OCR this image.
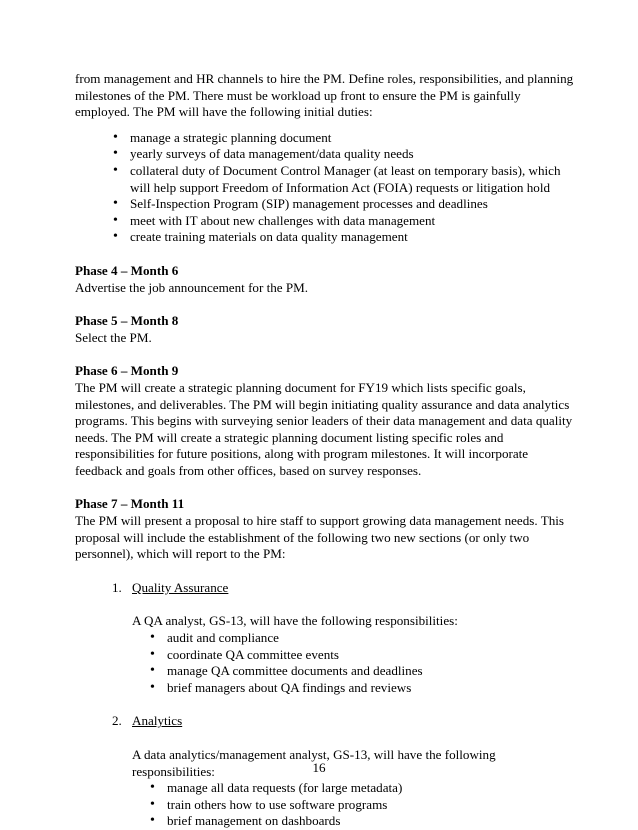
from management and HR channels to hire the PM. Define roles, responsibilities, and planning milestones of the PM. There must be workload up front to ensure the PM is gainfully employed. The PM will have the following initial duties:

• manage a strategic planning document
• yearly surveys of data management/data quality needs
• collateral duty of Document Control Manager (at least on temporary basis), which will help support Freedom of Information Act (FOIA) requests or litigation hold
• Self-Inspection Program (SIP) management processes and deadlines
• meet with IT about new challenges with data management
• create training materials on data quality management

Phase 4 – Month 6

Advertise the job announcement for the PM.

Phase 5 – Month 8

Select the PM.

Phase 6 – Month 9

The PM will create a strategic planning document for FY19 which lists specific goals, milestones, and deliverables. The PM will begin initiating quality assurance and data analytics programs. This begins with surveying senior leaders of their data management and data quality needs. The PM will create a strategic planning document listing specific roles and responsibilities for future positions, along with program milestones. It will incorporate feedback and goals from other offices, based on survey responses.

Phase 7 – Month 11

The PM will present a proposal to hire staff to support growing data management needs. This proposal will include the establishment of the following two new sections (or only two personnel), which will report to the PM:

1. Quality Assurance

A QA analyst, GS-13, will have the following responsibilities:

• audit and compliance
• coordinate QA committee events
• manage QA committee documents and deadlines
• brief managers about QA findings and reviews
2. Analytics

A data analytics/management analyst, GS-13, will have the following responsibilities:

• manage all data requests (for large metadata)
• train others how to use software programs
• brief management on dashboards
16
